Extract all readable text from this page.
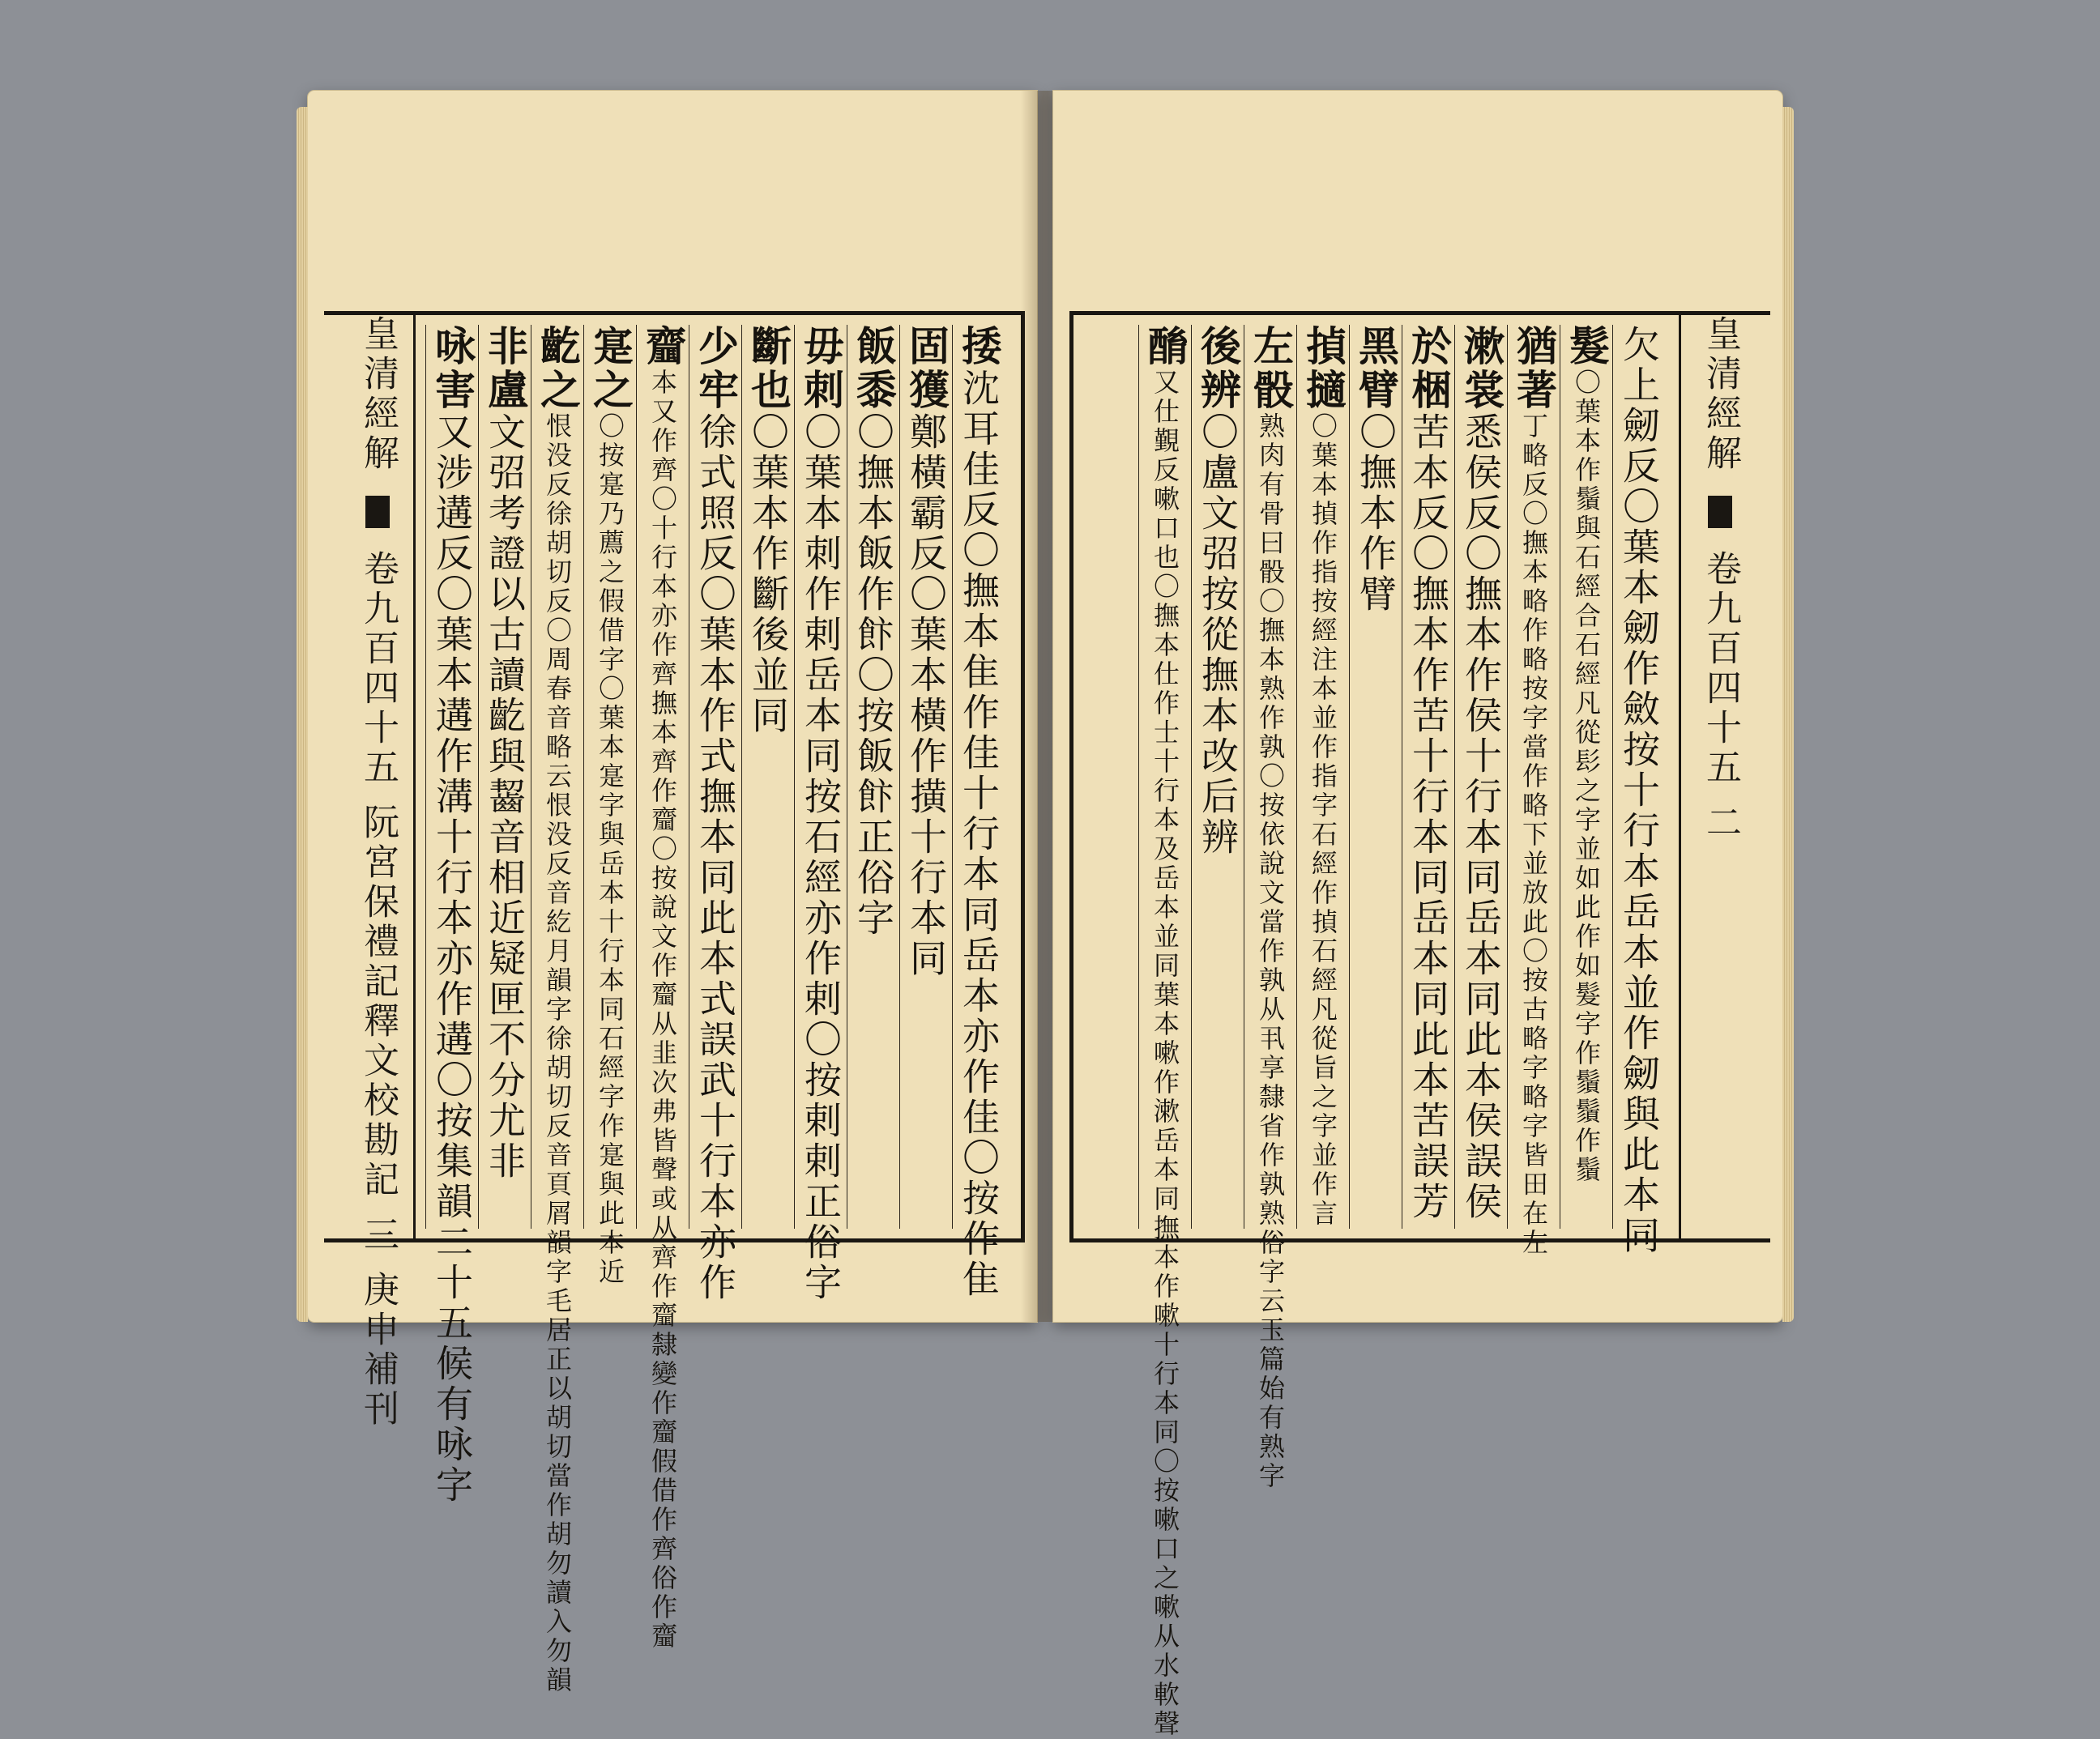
捼沈耳佳反〇撫本隹作佳十行本同岳本亦作佳〇按作隹
固獲鄭橫霸反〇葉本橫作撗十行本同
飯黍〇撫本飯作飰〇按飯飰正俗字
毋刺〇葉本刺作剌岳本同按石經亦作剌〇按剌剌正俗字
斷也〇葉本作斷後並同
少牢徐式照反〇葉本作式撫本同此本式誤武十行本亦作
齏本又作齊〇十行本亦作齊撫本齊作齏〇按說文作齏从韭次弗皆聲或从齊作齏隸變作齏假借作齊俗作齏
寔之〇按寔乃薦之假借字〇葉本寔字與岳本十行本同石經字作寔與此本近
齕之恨没反徐胡切反〇周春音略云恨没反音紇月韻字徐胡切反音頁屑韻字毛居正以胡切當作胡勿讀入勿韻
非盧文弨考證以古讀齕與齧音相近疑匣不分尤非
咏害又涉遘反〇葉本遘作溝十行本亦作遘〇按集韻二十五候有咏字
皇清經解  卷九百四十五 阮宮保禮記釋文校勘記 三 庚申補刊
欠上劒反〇葉本劒作斂按十行本岳本並作劒與此本同
髮〇葉本作鬚與石經合石經凡從髟之字並如此作如髮字作鬚鬚作鬚
猶著丁略反〇撫本略作略按字當作略下並放此〇按古略字略字皆田在左
漱裳悉侯反〇撫本作侯十行本同岳本同此本侯誤侯
於梱苦本反〇撫本作苦十行本同岳本同此本苦誤芳
黑臂〇撫本作臂
揁擿〇葉本揁作指按經注本並作指字石經作揁石經凡從旨之字並作言
左骰熟肉有骨曰骰〇撫本熟作孰〇按依說文當作孰从丮享隸省作孰熟俗字云玉篇始有熟字
後辨〇盧文弨按從撫本改后辨
酳又仕覲反嗽口也〇撫本仕作士十行本及岳本並同葉本嗽作漱岳本同撫本作嗽十行本同〇按嗽口之嗽从水軟聲	皇清經解  卷九百四十五 二
